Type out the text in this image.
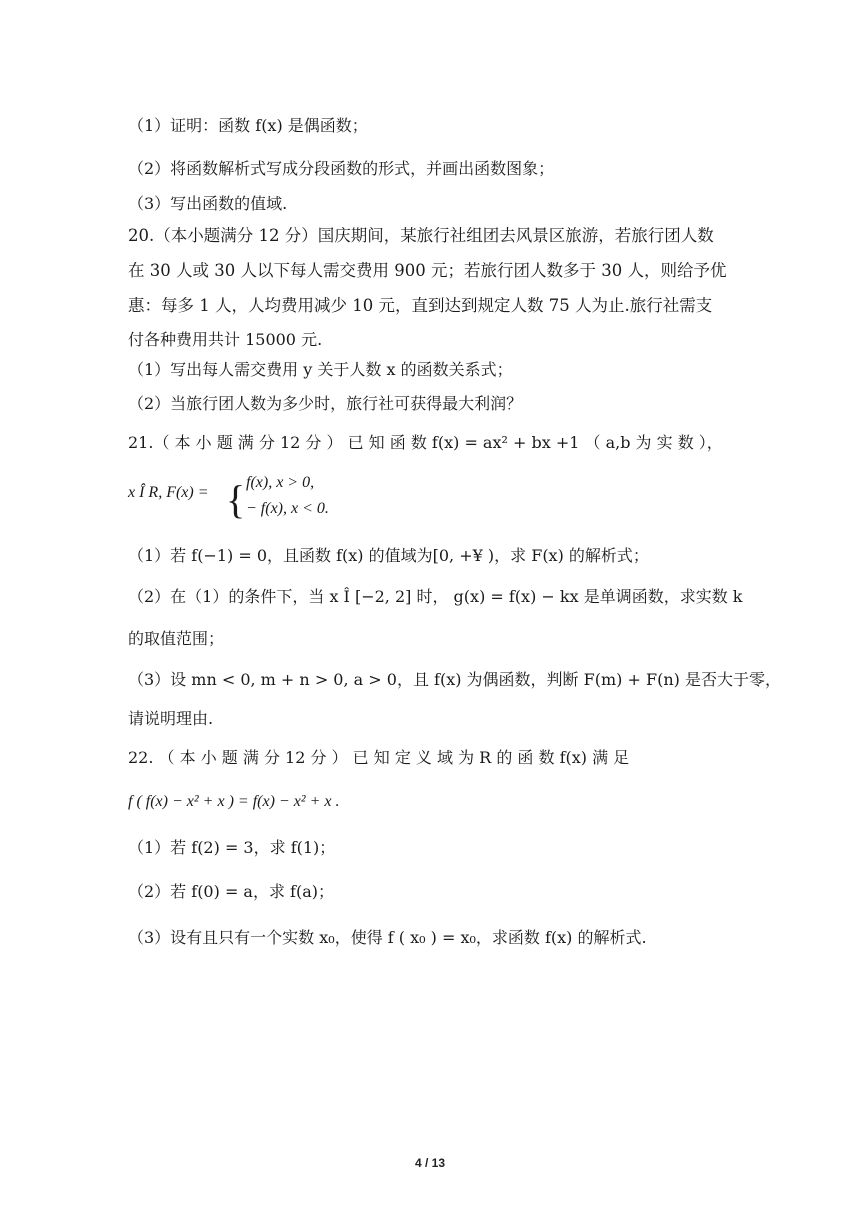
（1）证明：函数 f(x) 是偶函数；
（2）将函数解析式写成分段函数的形式，并画出函数图象；
（3）写出函数的值域.
20.（本小题满分 12 分）国庆期间，某旅行社组团去风景区旅游，若旅行团人数
在 30 人或 30 人以下每人需交费用 900 元；若旅行团人数多于 30 人，则给予优
惠：每多 1 人，人均费用减少 10 元，直到达到规定人数 75 人为止.旅行社需支
付各种费用共计 15000 元.
（1）写出每人需交费用 y 关于人数 x 的函数关系式；
（2）当旅行团人数为多少时，旅行社可获得最大利润？
21.（ 本 小 题 满 分 12 分 ） 已 知 函 数 f(x) = ax² + bx +1 （ a,b 为 实 数 ），
x Î R, F(x) = { f(x), x > 0,
− f(x), x < 0.
（1）若 f(−1) = 0，且函数 f(x) 的值域为[0, +¥ )，求 F(x) 的解析式；
（2）在（1）的条件下，当 x Î [−2, 2] 时， g(x) = f(x) − kx 是单调函数，求实数 k
的取值范围；
（3）设 mn < 0, m + n > 0, a > 0，且 f(x) 为偶函数，判断 F(m) + F(n) 是否大于零，
请说明理由.
22. （ 本 小 题 满 分 12 分 ） 已 知 定 义 域 为 R 的 函 数 f(x) 满 足
f ( f(x) − x² + x ) = f(x) − x² + x .
（1）若 f(2) = 3，求 f(1)；
（2）若 f(0) = a，求 f(a)；
（3）设有且只有一个实数 x₀，使得 f ( x₀ ) = x₀，求函数 f(x) 的解析式.
4 / 13
